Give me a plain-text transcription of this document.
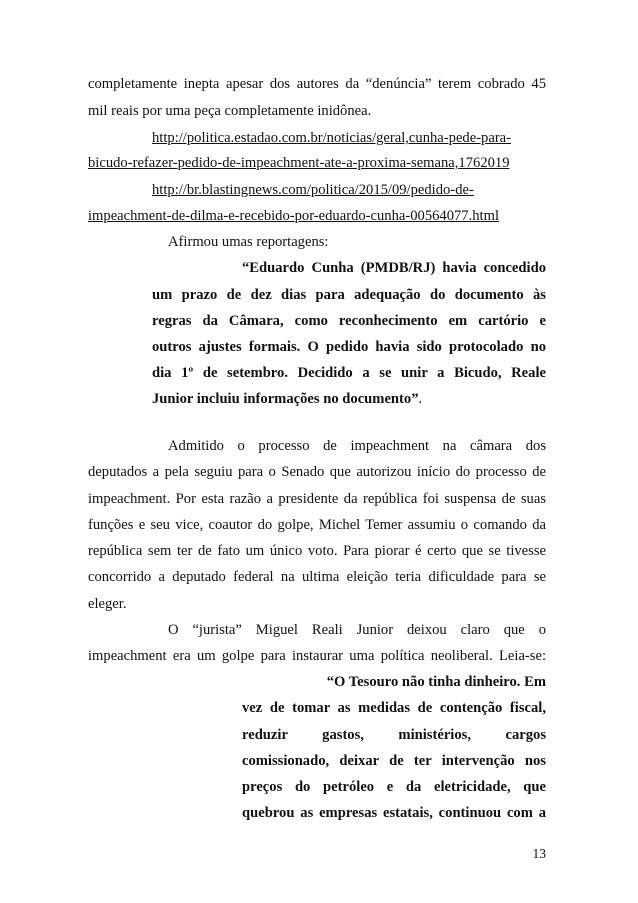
completamente inepta apesar dos autores da “denúncia” terem cobrado 45
mil reais por uma peça completamente inidônea.
http://politica.estadao.com.br/noticias/geral,cunha-pede-para-
bicudo-refazer-pedido-de-impeachment-ate-a-proxima-semana,1762019
http://br.blastingnews.com/politica/2015/09/pedido-de-
impeachment-de-dilma-e-recebido-por-eduardo-cunha-00564077.html
Afirmou umas reportagens:
“Eduardo Cunha (PMDB/RJ) havia concedido
um prazo de dez dias para adequação do documento às
regras da Câmara, como reconhecimento em cartório e
outros ajustes formais. O pedido havia sido protocolado no
dia 1º de setembro. Decidido a se unir a Bicudo, Reale
Junior incluiu informações no documento”.
Admitido o processo de impeachment na câmara dos
deputados a pela seguiu para o Senado que autorizou início do processo de
impeachment. Por esta razão a presidente da república foi suspensa de suas
funções e seu vice, coautor do golpe, Michel Temer assumiu o comando da
república sem ter de fato um único voto. Para piorar é certo que se tivesse
concorrido a deputado federal na ultima eleição teria dificuldade para se
eleger.
O “jurista” Miguel Reali Junior deixou claro que o
impeachment era um golpe para instaurar uma política neoliberal. Leia-se:
“O Tesouro não tinha dinheiro. Em
vez de tomar as medidas de contenção fiscal,
reduzir gastos, ministérios, cargos
comissionado, deixar de ter intervenção nos
preços do petróleo e da eletricidade, que
quebrou as empresas estatais, continuou com a
13
